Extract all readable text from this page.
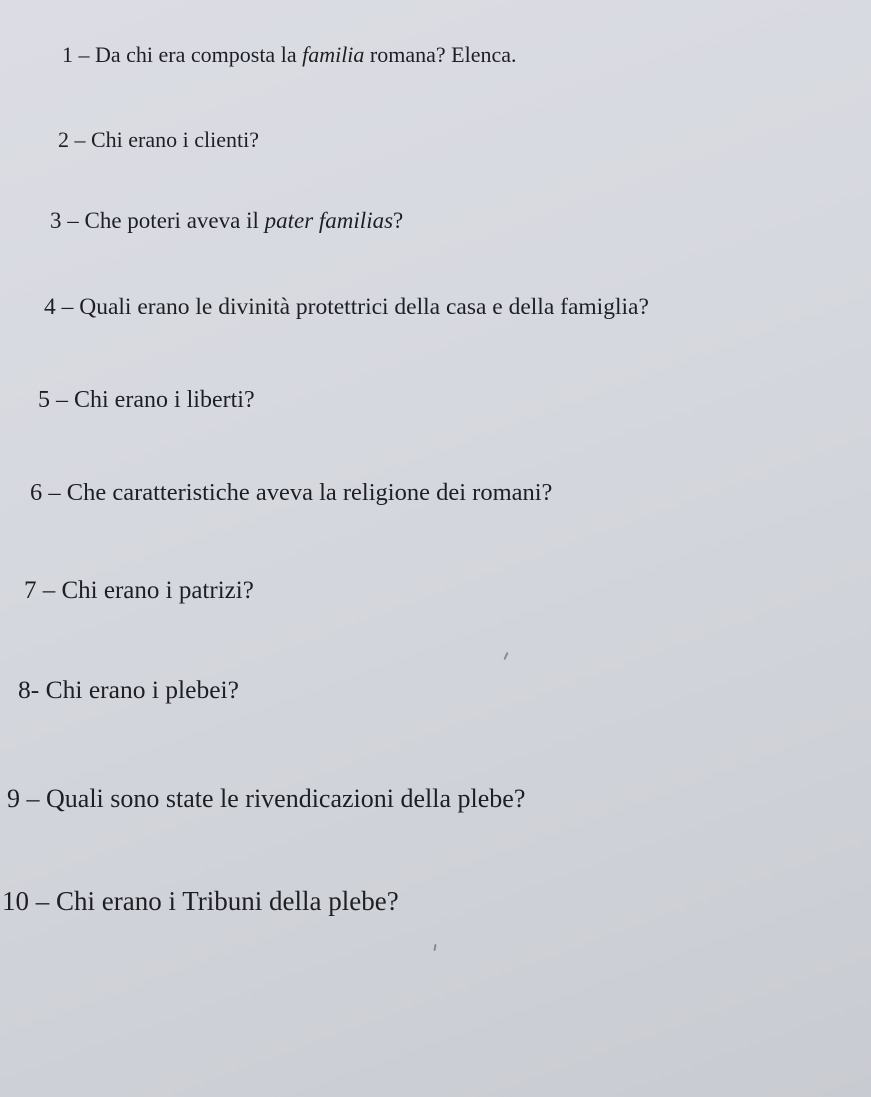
1 – Da chi era composta la familia romana? Elenca.
2 – Chi erano i clienti?
3 – Che poteri aveva il pater familias?
4 – Quali erano le divinità protettrici della casa e della famiglia?
5 – Chi erano i liberti?
6 – Che caratteristiche aveva la religione dei romani?
7 – Chi erano i patrizi?
8- Chi erano i plebei?
9 – Quali sono state le rivendicazioni della plebe?
10 – Chi erano i Tribuni della plebe?
